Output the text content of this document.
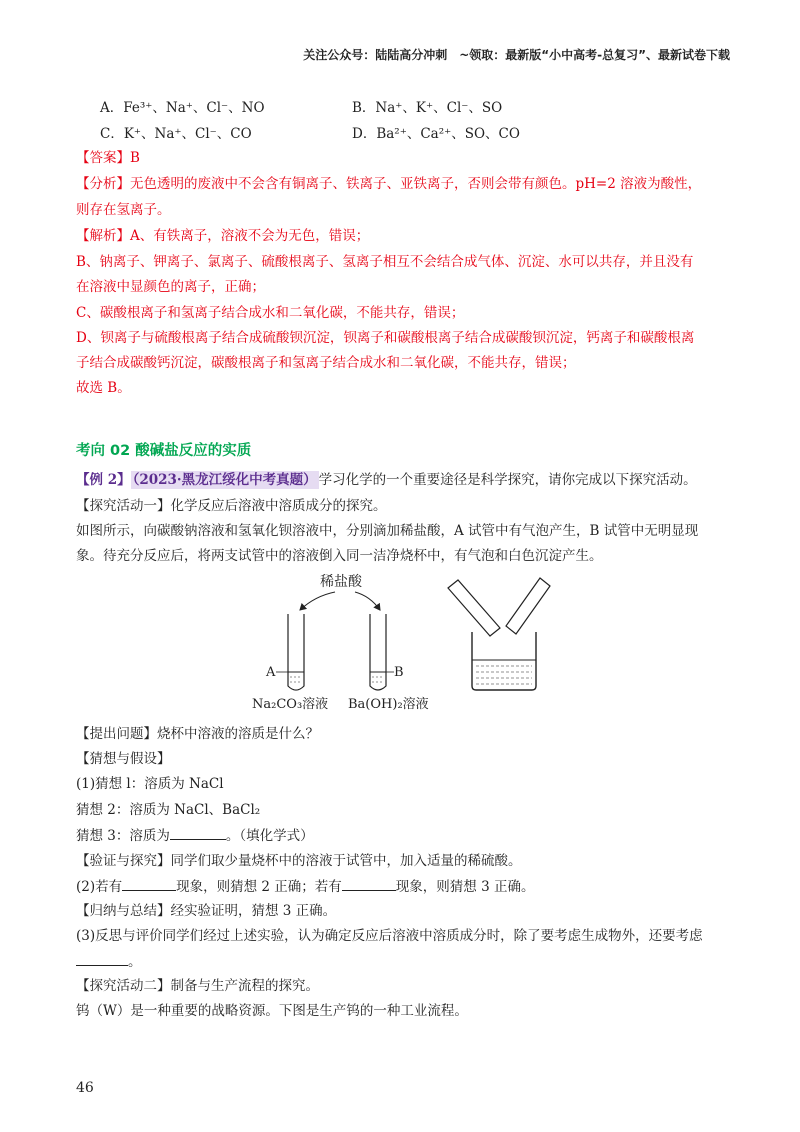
关注公众号：陆陆高分冲刺　~领取：最新版“小中高考-总复习”、最新试卷下载
A．Fe³⁺、Na⁺、Cl⁻、NO	B．Na⁺、K⁺、Cl⁻、SO
C．K⁺、Na⁺、Cl⁻、CO	D．Ba²⁺、Ca²⁺、SO、CO
【答案】B
【分析】无色透明的废液中不会含有铜离子、铁离子、亚铁离子，否则会带有颜色。pH=2 溶液为酸性，
则存在氢离子。
【解析】A、有铁离子，溶液不会为无色，错误；
B、钠离子、钾离子、氯离子、硫酸根离子、氢离子相互不会结合成气体、沉淀、水可以共存，并且没有
在溶液中显颜色的离子，正确；
C、碳酸根离子和氢离子结合成水和二氧化碳，不能共存，错误；
D、钡离子与硫酸根离子结合成硫酸钡沉淀，钡离子和碳酸根离子结合成碳酸钡沉淀，钙离子和碳酸根离
子结合成碳酸钙沉淀，碳酸根离子和氢离子结合成水和二氧化碳，不能共存，错误；
故选 B。
考向 02 酸碱盐反应的实质
【例 2】 （2023·黑龙江绥化中考真题） 学习化学的一个重要途径是科学探究，请你完成以下探究活动。
【探究活动一】化学反应后溶液中溶质成分的探究。
如图所示，向碳酸钠溶液和氢氧化钡溶液中，分别滴加稀盐酸，A 试管中有气泡产生，B 试管中无明显现
象。待充分反应后，将两支试管中的溶液倒入同一洁净烧杯中，有气泡和白色沉淀产生。
稀盐酸
A	B
Na₂CO₃溶液 Ba(OH)₂溶液
【提出问题】烧杯中溶液的溶质是什么？
【猜想与假设】
(1)猜想 l：溶质为 NaCl
猜想 2：溶质为 NaCl、BaCl₂
猜想 3：溶质为	。（填化学式）
【验证与探究】同学们取少量烧杯中的溶液于试管中，加入适量的稀硫酸。
(2)若有	现象，则猜想 2 正确；若有	现象，则猜想 3 正确。
【归纳与总结】经实验证明，猜想 3 正确。
(3)反思与评价同学们经过上述实验，认为确定反应后溶液中溶质成分时，除了要考虑生成物外，还要考虑
。
【探究活动二】制备与生产流程的探究。
钨（W）是一种重要的战略资源。下图是生产钨的一种工业流程。
46
